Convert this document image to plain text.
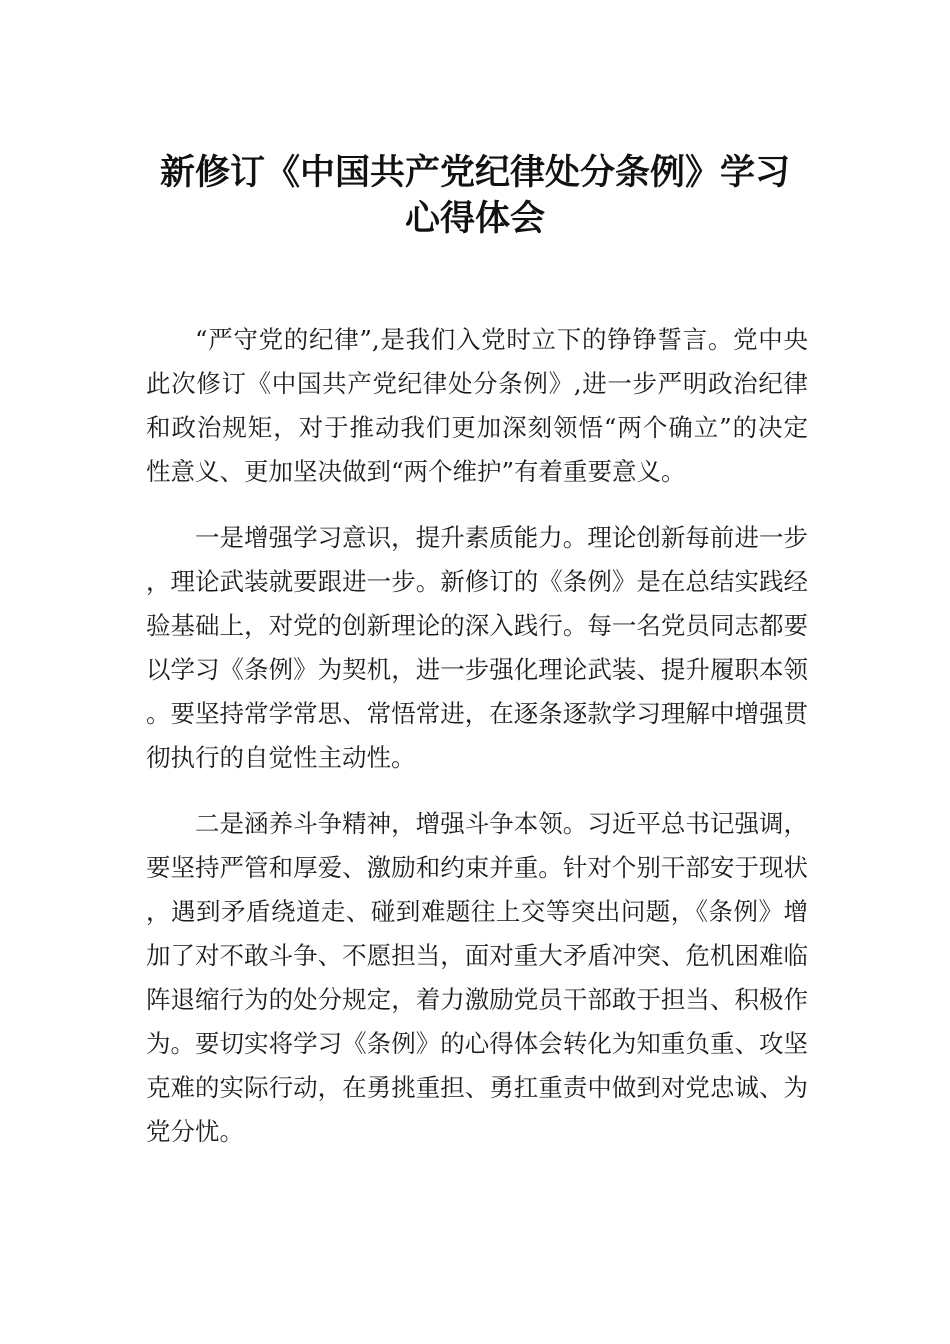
新修订《中国共产党纪律处分条例》学习
心得体会

“严守党的纪律”,是我们入党时立下的铮铮誓言。党中央此次修订《中国共产党纪律处分条例》,进一步严明政治纪律和政治规矩，对于推动我们更加深刻领悟“两个确立”的决定性意义、更加坚决做到“两个维护”有着重要意义。

一是增强学习意识，提升素质能力。理论创新每前进一步，理论武装就要跟进一步。新修订的《条例》是在总结实践经验基础上，对党的创新理论的深入践行。每一名党员同志都要以学习《条例》为契机，进一步强化理论武装、提升履职本领。要坚持常学常思、常悟常进，在逐条逐款学习理解中增强贯彻执行的自觉性主动性。

二是涵养斗争精神，增强斗争本领。习近平总书记强调，要坚持严管和厚爱、激励和约束并重。针对个别干部安于现状，遇到矛盾绕道走、碰到难题往上交等突出问题，《条例》增加了对不敢斗争、不愿担当，面对重大矛盾冲突、危机困难临阵退缩行为的处分规定，着力激励党员干部敢于担当、积极作为。要切实将学习《条例》的心得体会转化为知重负重、攻坚克难的实际行动，在勇挑重担、勇扛重责中做到对党忠诚、为党分忧。
